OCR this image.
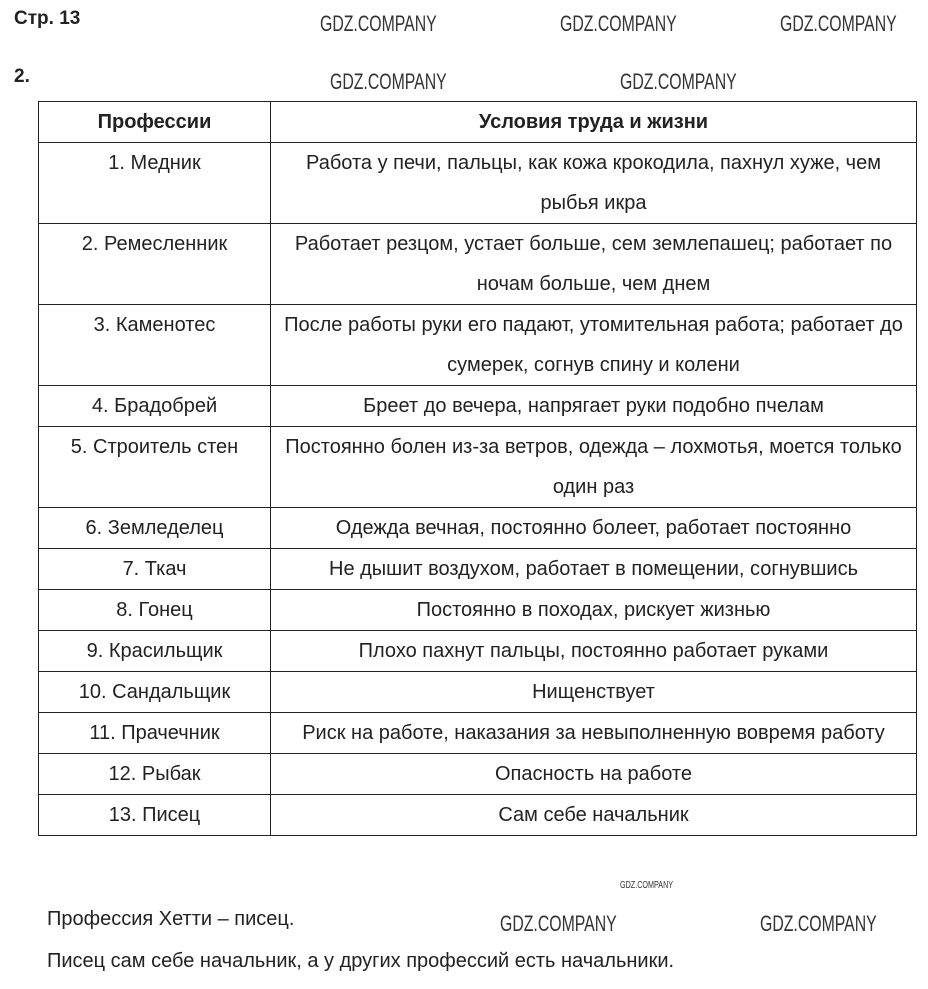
Стр. 13
2.
Профессии	Условия труда и жизни
1. Медник	Работа у печи, пальцы, как кожа крокодила, пахнул хуже, чем рыбья икра
2. Ремесленник	Работает резцом, устает больше, сем землепашец; работает по ночам больше, чем днем
3. Каменотес	После работы руки его падают, утомительная работа; работает до сумерек, согнув спину и колени
4. Брадобрей	Бреет до вечера, напрягает руки подобно пчелам
5. Строитель стен	Постоянно болен из-за ветров, одежда – лохмотья, моется только один раз
6. Земледелец	Одежда вечная, постоянно болеет, работает постоянно
7. Ткач	Не дышит воздухом, работает в помещении, согнувшись
8. Гонец	Постоянно в походах, рискует жизнью
9. Красильщик	Плохо пахнут пальцы, постоянно работает руками
10. Сандальщик	Нищенствует
11. Прачечник	Риск на работе, наказания за невыполненную вовремя работу
12. Рыбак	Опасность на работе
13. Писец	Сам себе начальник
Профессия Хетти – писец.
Писец сам себе начальник, а у других профессий есть начальники.
GDZ.COMPANY	GDZ.COMPANY	GDZ.COMPANY
GDZ.COMPANY	GDZ.COMPANY
GDZ.COMPANY	GDZ.COMPANY
GDZ.COMPANY
